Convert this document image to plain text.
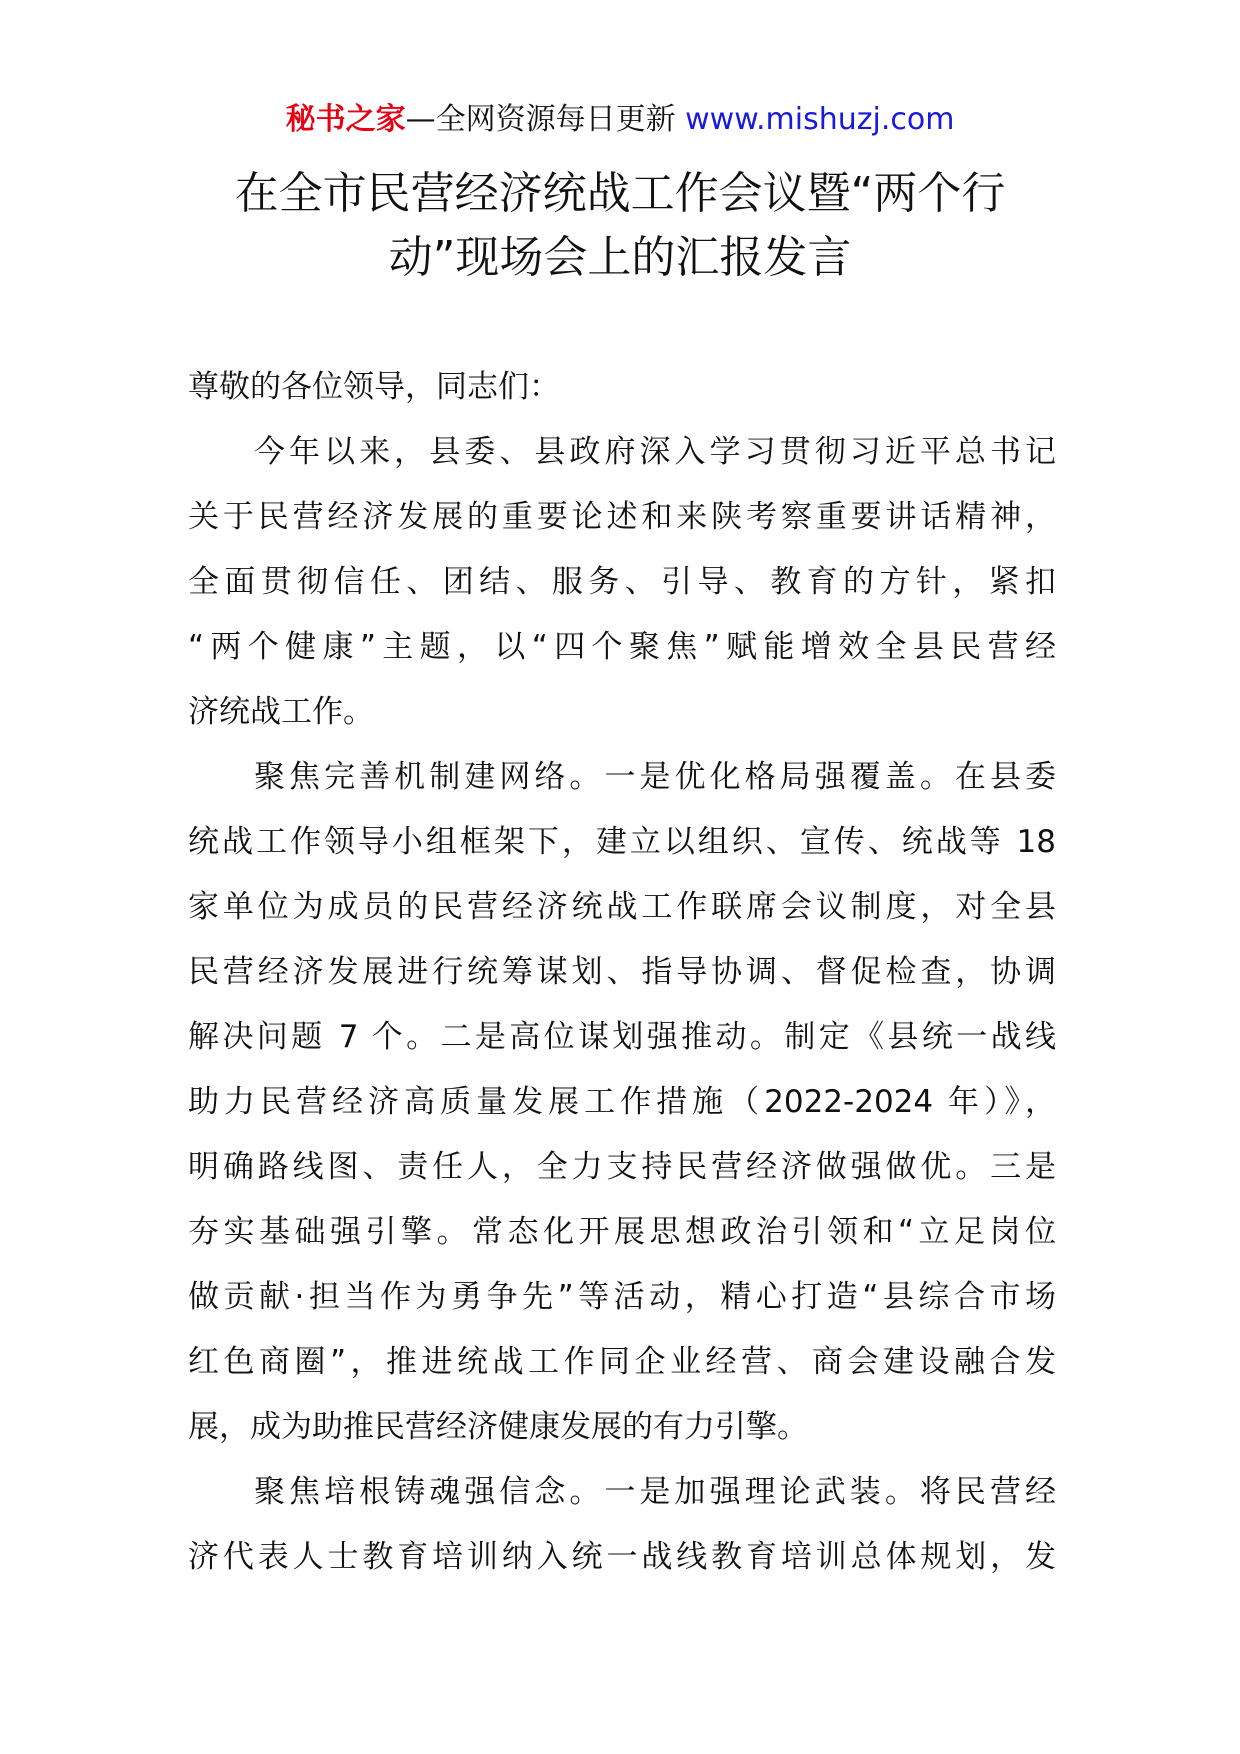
秘书之家—全网资源每日更新 www.mishuzj.com
在全市民营经济统战工作会议暨“两个行
动”现场会上的汇报发言
尊敬的各位领导，同志们：
今年以来，县委、县政府深入学习贯彻习近平总书记
关于民营经济发展的重要论述和来陕考察重要讲话精神，
全面贯彻信任、团结、服务、引导、教育的方针，紧扣
“两个健康”主题，以“四个聚焦”赋能增效全县民营经
济统战工作。
聚焦完善机制建网络。一是优化格局强覆盖。在县委
统战工作领导小组框架下，建立以组织、宣传、统战等 18
家单位为成员的民营经济统战工作联席会议制度，对全县
民营经济发展进行统筹谋划、指导协调、督促检查，协调
解决问题 7 个。二是高位谋划强推动。制定《县统一战线
助力民营经济高质量发展工作措施（2022-2024 年）》，
明确路线图、责任人，全力支持民营经济做强做优。三是
夯实基础强引擎。常态化开展思想政治引领和“立足岗位
做贡献·担当作为勇争先”等活动，精心打造“县综合市场
红色商圈”，推进统战工作同企业经营、商会建设融合发
展，成为助推民营经济健康发展的有力引擎。
聚焦培根铸魂强信念。一是加强理论武装。将民营经
济代表人士教育培训纳入统一战线教育培训总体规划，发
